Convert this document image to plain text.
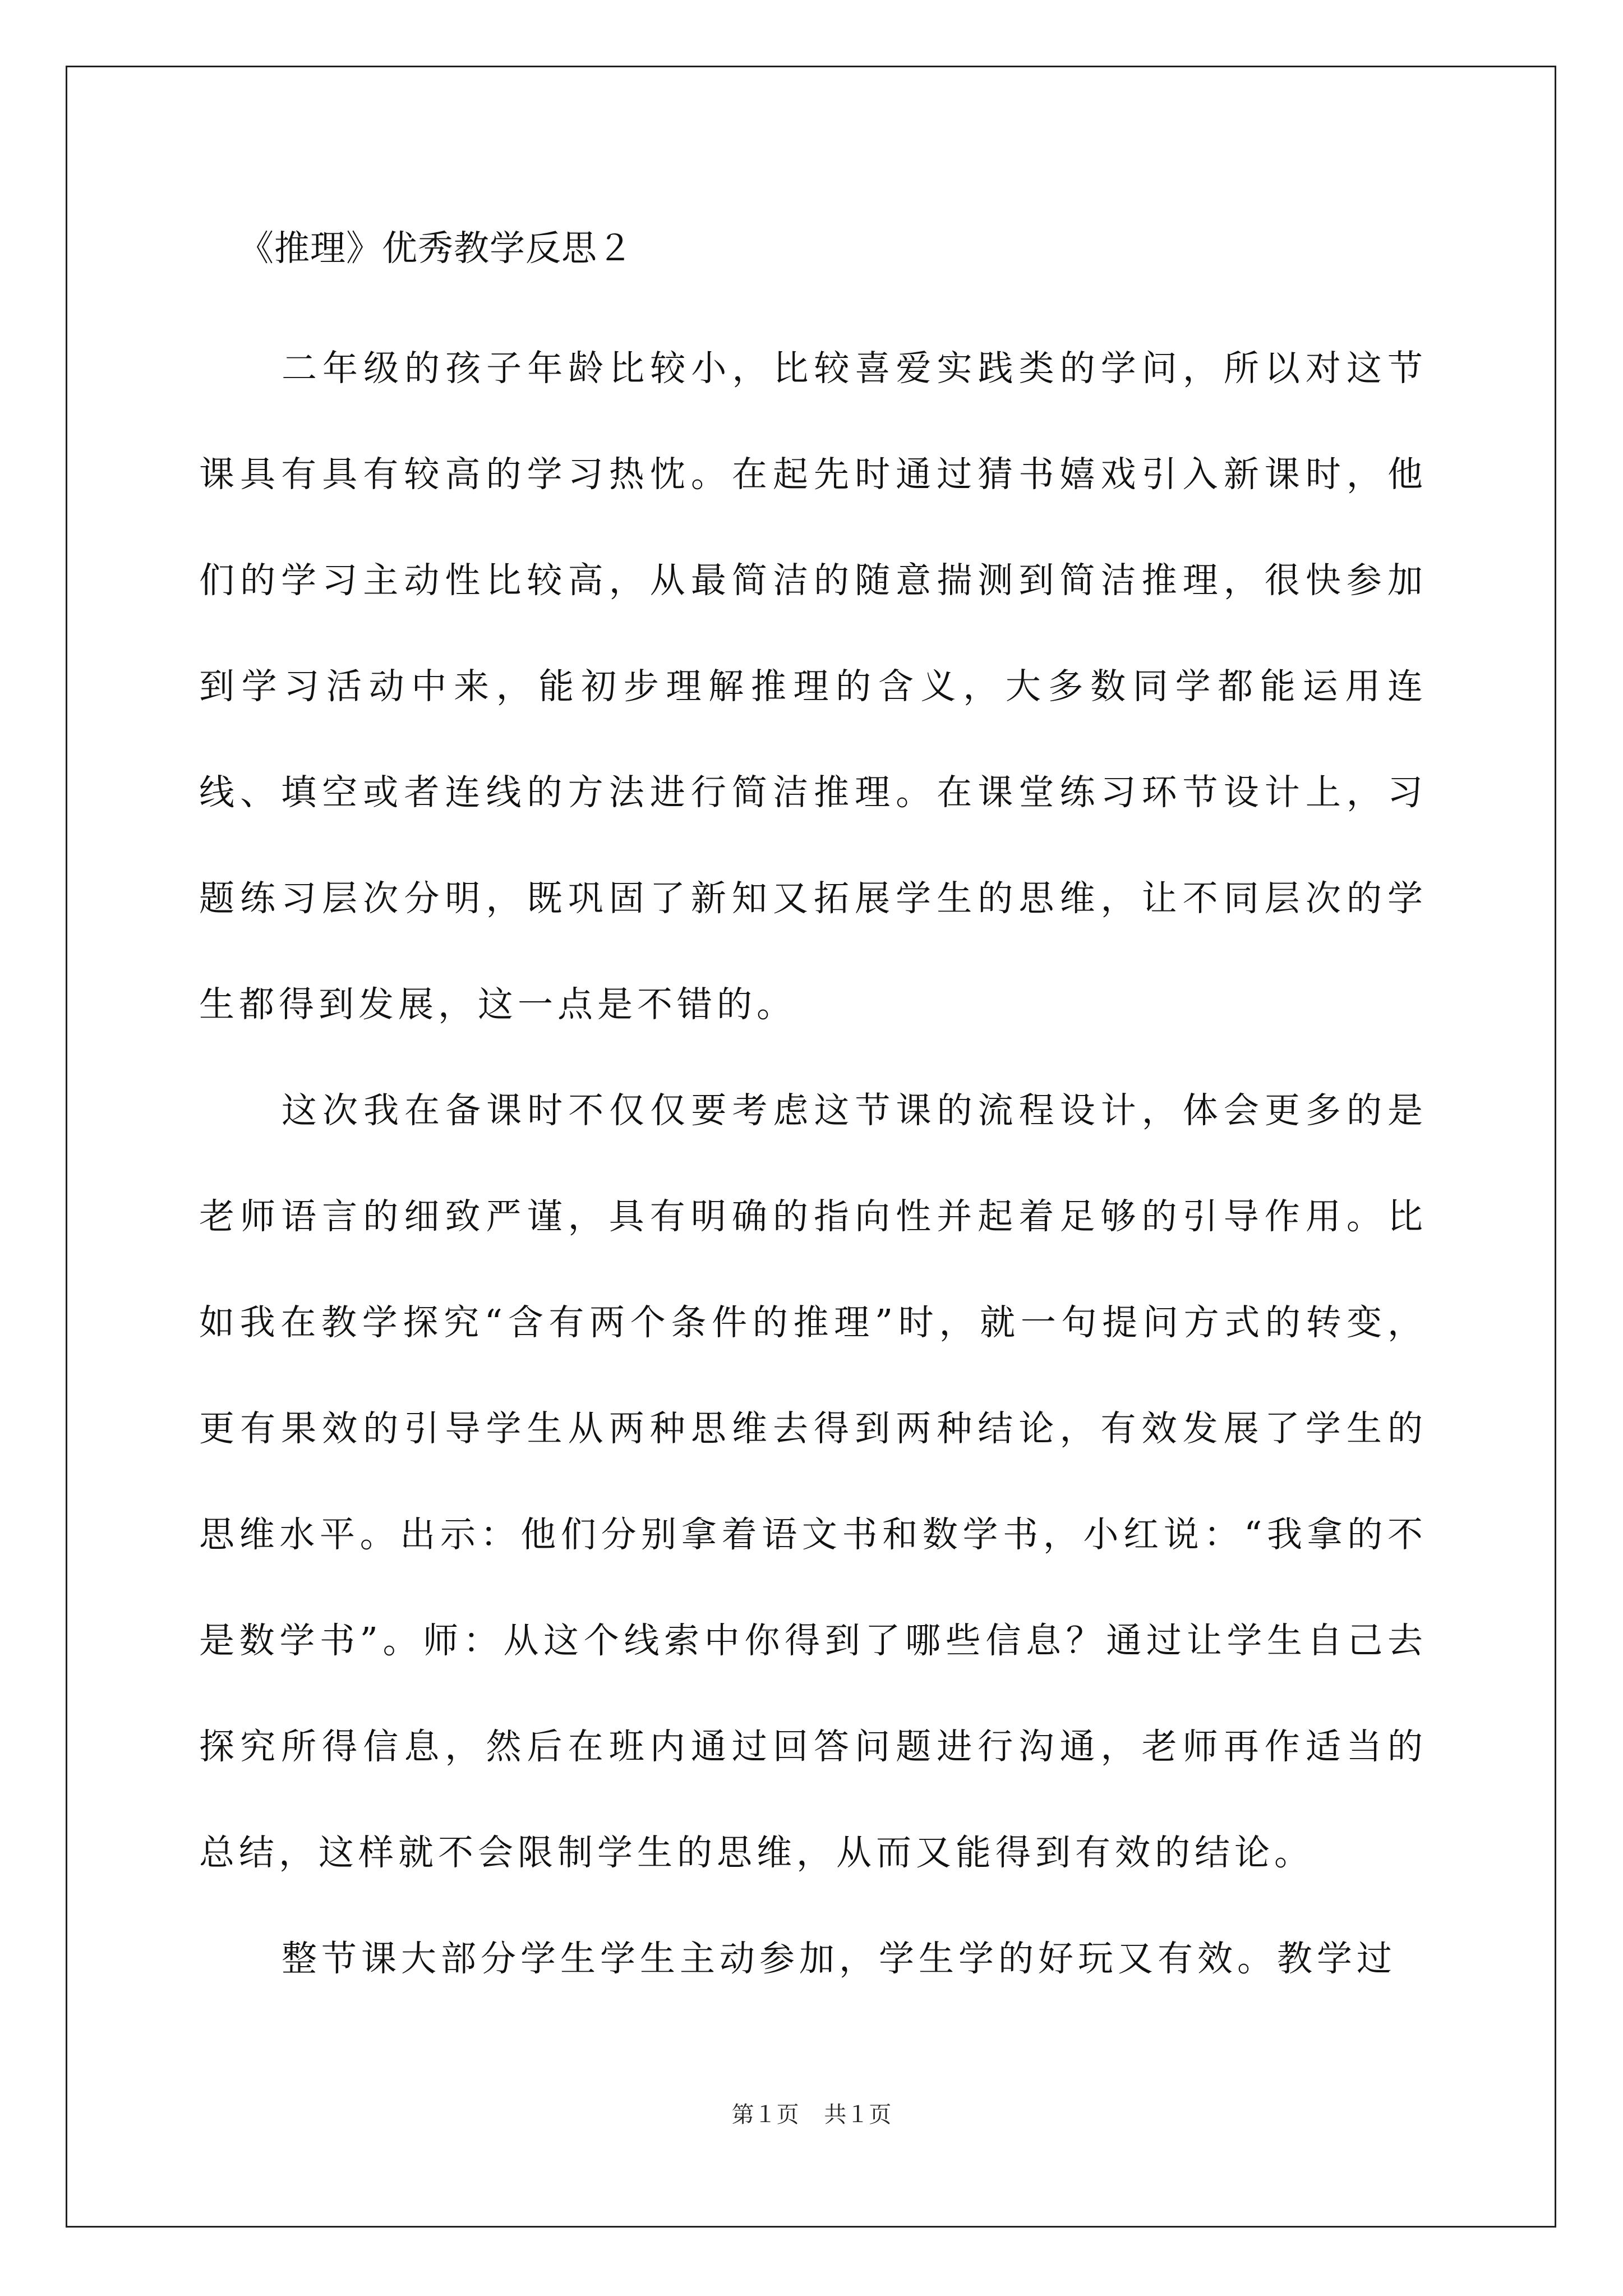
《推理》优秀教学反思２

二年级的孩子年龄比较小，比较喜爱实践类的学问，所以对这节课具有具有较高的学习热忱。在起先时通过猜书嬉戏引入新课时，他们的学习主动性比较高，从最简洁的随意揣测到简洁推理，很快参加到学习活动中来，能初步理解推理的含义，大多数同学都能运用连线、填空或者连线的方法进行简洁推理。在课堂练习环节设计上，习题练习层次分明，既巩固了新知又拓展学生的思维，让不同层次的学生都得到发展，这一点是不错的。

这次我在备课时不仅仅要考虑这节课的流程设计，体会更多的是老师语言的细致严谨，具有明确的指向性并起着足够的引导作用。比如我在教学探究“含有两个条件的推理”时，就一句提问方式的转变，更有果效的引导学生从两种思维去得到两种结论，有效发展了学生的思维水平。出示：他们分别拿着语文书和数学书，小红说：“我拿的不是数学书”。师：从这个线索中你得到了哪些信息？通过让学生自己去探究所得信息，然后在班内通过回答问题进行沟通，老师再作适当的总结，这样就不会限制学生的思维，从而又能得到有效的结论。

整节课大部分学生学生主动参加，学生学的好玩又有效。教学过

第１页 共１页
